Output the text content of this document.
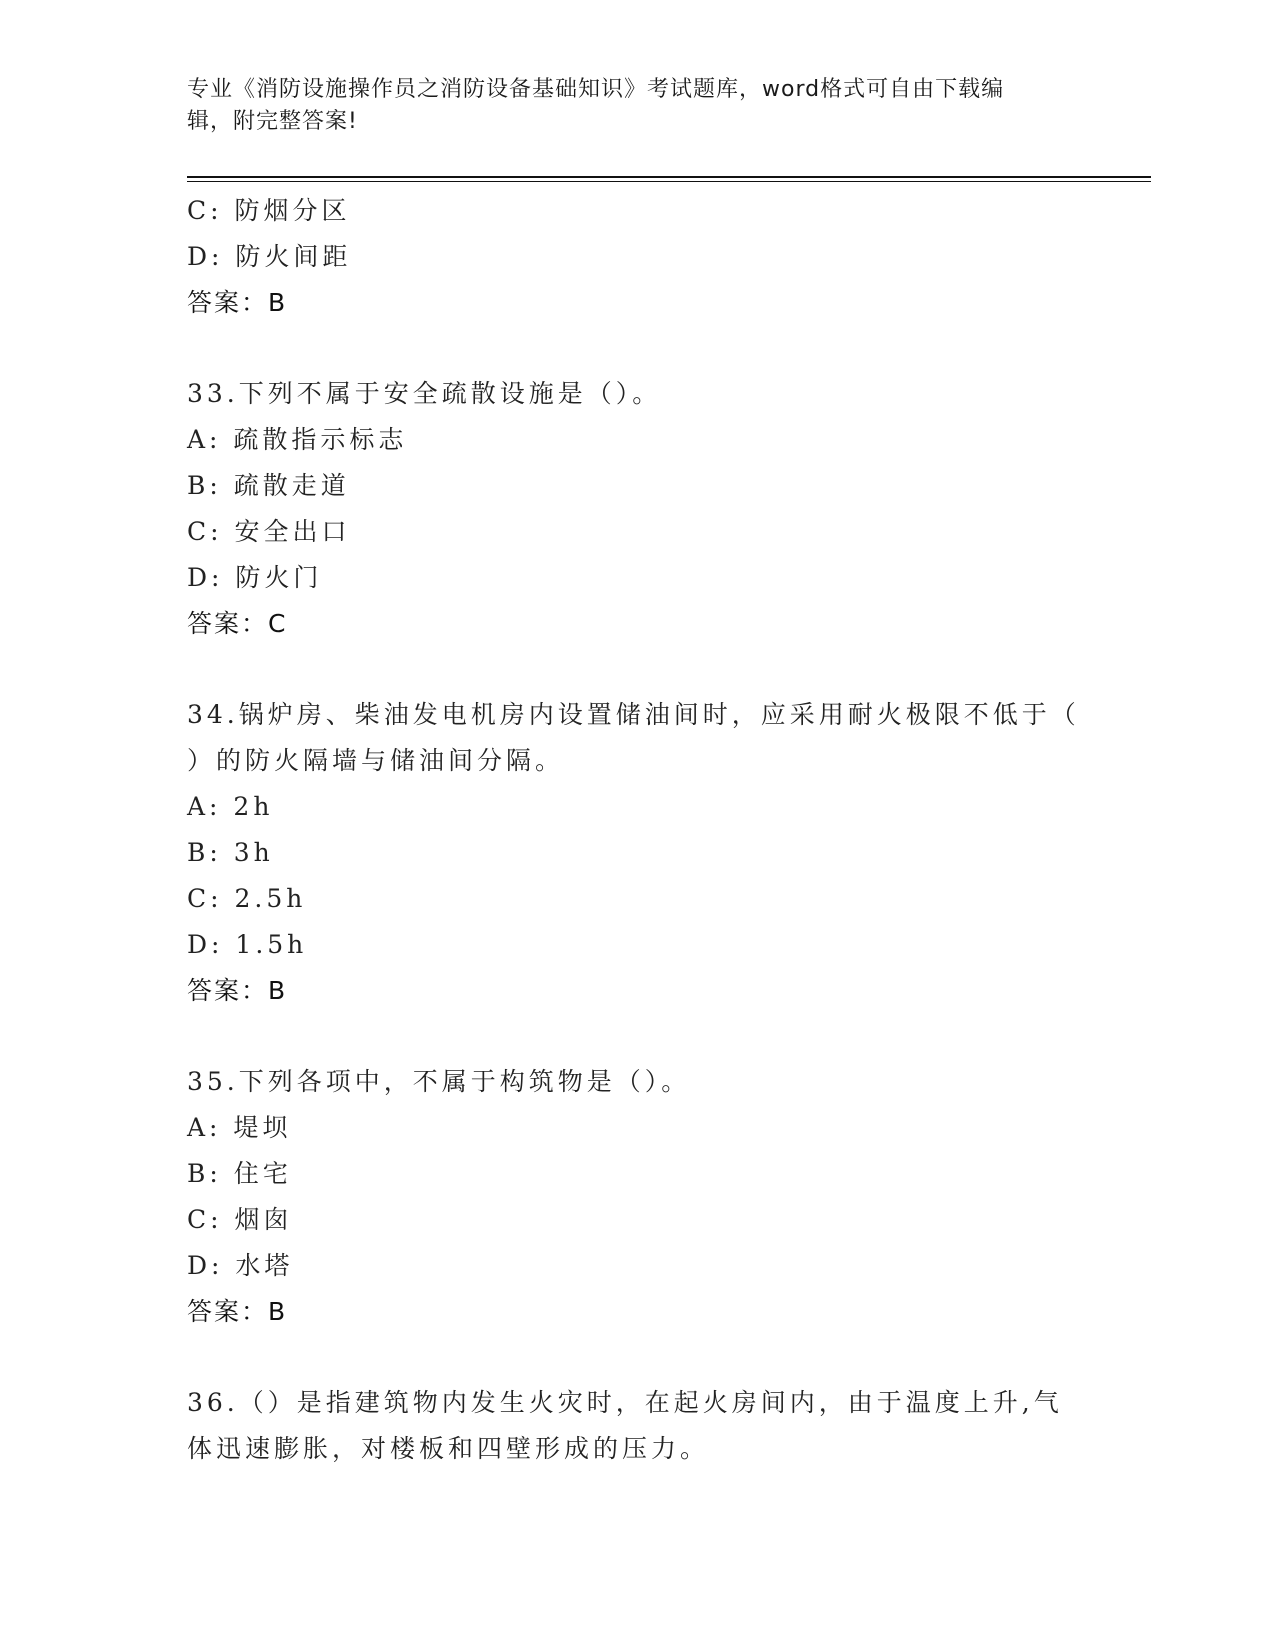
专业《消防设施操作员之消防设备基础知识》考试题库，word格式可自由下载编
辑，附完整答案!
C: 防烟分区
D: 防火间距
答案：B
33.下列不属于安全疏散设施是（）。
A: 疏散指示标志
B: 疏散走道
C: 安全出口
D: 防火门
答案：C
34.锅炉房、柴油发电机房内设置储油间时，应采用耐火极限不低于（
）的防火隔墙与储油间分隔。
A: 2h
B: 3h
C: 2.5h
D: 1.5h
答案：B
35.下列各项中，不属于构筑物是（）。
A: 堤坝
B: 住宅
C: 烟囱
D: 水塔
答案：B
36.（）是指建筑物内发生火灾时，在起火房间内，由于温度上升,气
体迅速膨胀，对楼板和四壁形成的压力。
